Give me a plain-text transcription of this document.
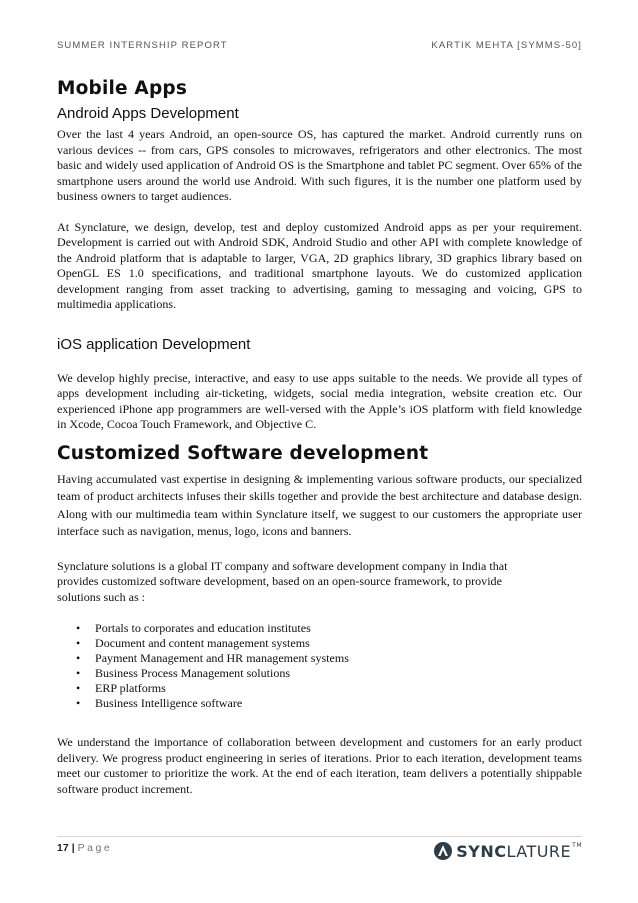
SUMMER INTERNSHIP REPORT	KARTIK MEHTA [SYMMS-50]
Mobile Apps
Android Apps Development

Over the last 4 years Android, an open-source OS, has captured the market. Android currently runs on various devices -- from cars, GPS consoles to microwaves, refrigerators and other electronics. The most basic and widely used application of Android OS is the Smartphone and tablet PC segment. Over 65% of the smartphone users around the world use Android. With such figures, it is the number one platform used by business owners to target audiences.

At Synclature, we design, develop, test and deploy customized Android apps as per your requirement. Development is carried out with Android SDK, Android Studio and other API with complete knowledge of the Android platform that is adaptable to larger, VGA, 2D graphics library, 3D graphics library based on OpenGL ES 1.0 specifications, and traditional smartphone layouts. We do customized application development ranging from asset tracking to advertising, gaming to messaging and voicing, GPS to multimedia applications.

iOS application Development

We develop highly precise, interactive, and easy to use apps suitable to the needs. We provide all types of apps development including air-ticketing, widgets, social media integration, website creation etc. Our experienced iPhone app programmers are well-versed with the Apple’s iOS platform with field knowledge in Xcode, Cocoa Touch Framework, and Objective C.

Customized Software development

Having accumulated vast expertise in designing & implementing various software products, our specialized team of product architects infuses their skills together and provide the best architecture and database design. Along with our multimedia team within Synclature itself, we suggest to our customers the appropriate user interface such as navigation, menus, logo, icons and banners.

Synclature solutions is a global IT company and software development company in India that provides customized software development, based on an open-source framework, to provide solutions such as :

• Portals to corporates and education institutes
• Document and content management systems
• Payment Management and HR management systems
• Business Process Management solutions
• ERP platforms
• Business Intelligence software

We understand the importance of collaboration between development and customers for an early product delivery. We progress product engineering in series of iterations. Prior to each iteration, development teams meet our customer to prioritize the work. At the end of each iteration, team delivers a potentially shippable software product increment.

17 | Page	SYNC LATURE TM
